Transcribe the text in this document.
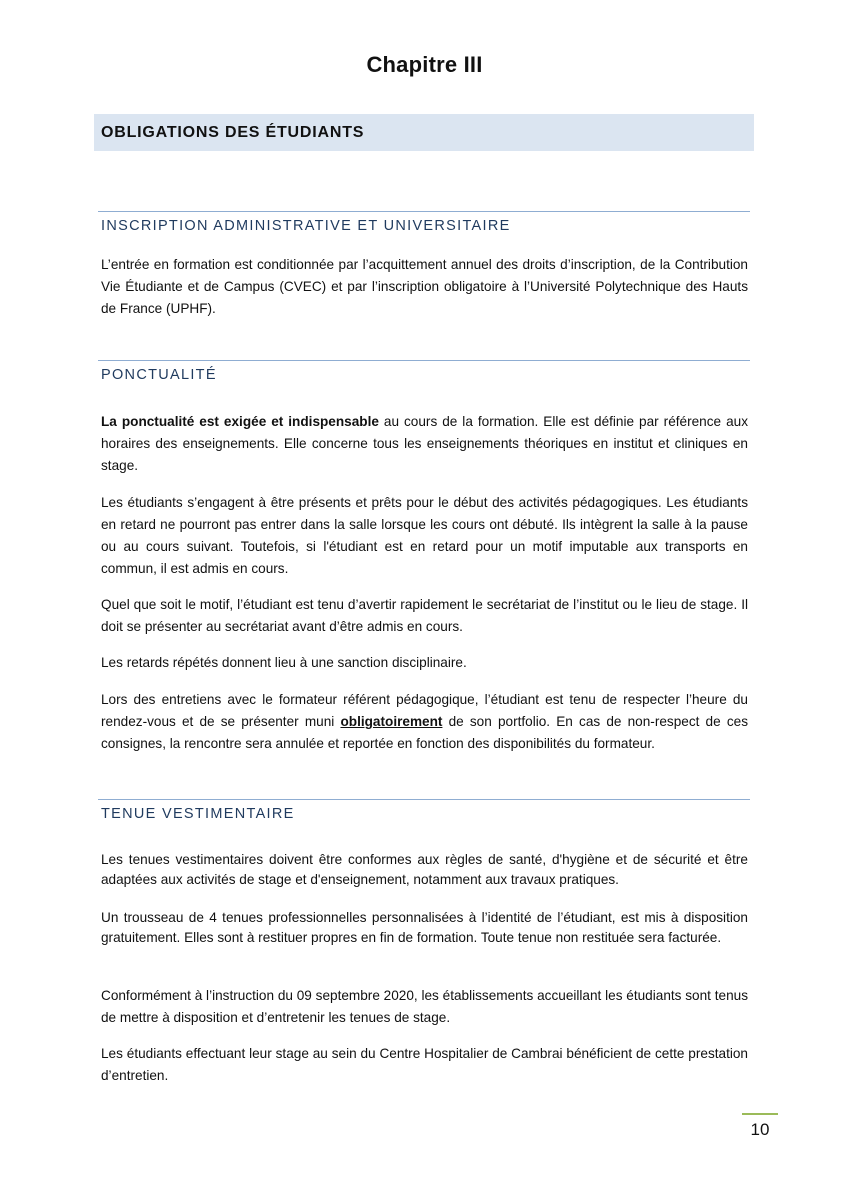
Chapitre III
OBLIGATIONS DES ÉTUDIANTS
INSCRIPTION ADMINISTRATIVE ET UNIVERSITAIRE

L’entrée en formation est conditionnée par l’acquittement annuel des droits d’inscription, de la Contribution Vie Étudiante et de Campus (CVEC) et par l’inscription obligatoire à l’Université Polytechnique des Hauts de France (UPHF).

PONCTUALITÉ

La ponctualité est exigée et indispensable au cours de la formation. Elle est définie par référence aux horaires des enseignements. Elle concerne tous les enseignements théoriques en institut et cliniques en stage.

Les étudiants s’engagent à être présents et prêts pour le début des activités pédagogiques. Les étudiants en retard ne pourront pas entrer dans la salle lorsque les cours ont débuté. Ils intègrent la salle à la pause ou au cours suivant. Toutefois, si l'étudiant est en retard pour un motif imputable aux transports en commun, il est admis en cours.

Quel que soit le motif, l’étudiant est tenu d’avertir rapidement le secrétariat de l’institut ou le lieu de stage. Il doit se présenter au secrétariat avant d’être admis en cours.

Les retards répétés donnent lieu à une sanction disciplinaire.

Lors des entretiens avec le formateur référent pédagogique, l’étudiant est tenu de respecter l’heure du rendez-vous et de se présenter muni obligatoirement de son portfolio. En cas de non-respect de ces consignes, la rencontre sera annulée et reportée en fonction des disponibilités du formateur.

TENUE VESTIMENTAIRE

Les tenues vestimentaires doivent être conformes aux règles de santé, d'hygiène et de sécurité et être adaptées aux activités de stage et d'enseignement, notamment aux travaux pratiques.

Un trousseau de 4 tenues professionnelles personnalisées à l’identité de l’étudiant, est mis à disposition gratuitement. Elles sont à restituer propres en fin de formation. Toute tenue non restituée sera facturée.

Conformément à l’instruction du 09 septembre 2020, les établissements accueillant les étudiants sont tenus de mettre à disposition et d’entretenir les tenues de stage.

Les étudiants effectuant leur stage au sein du Centre Hospitalier de Cambrai bénéficient de cette prestation d’entretien.

10
